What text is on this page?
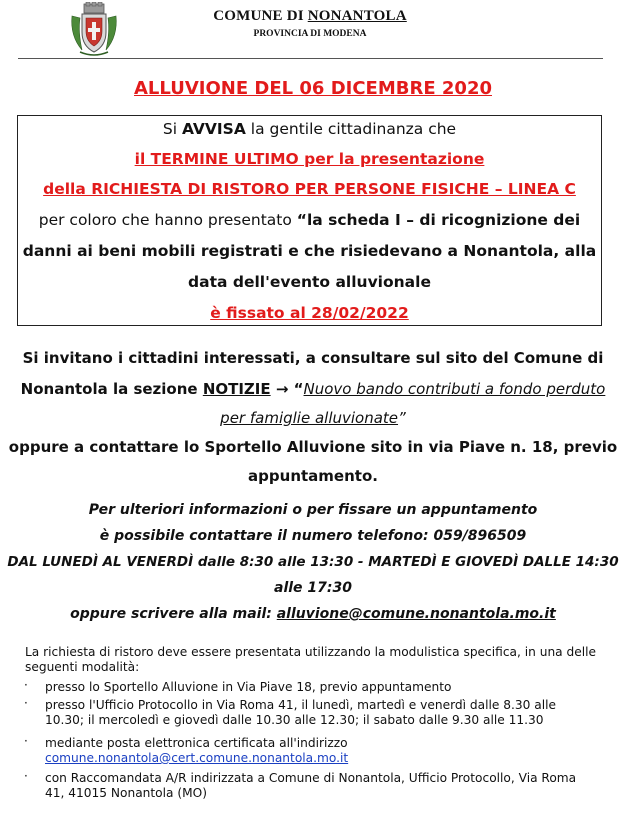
COMUNE DI NONANTOLA
PROVINCIA DI MODENA
ALLUVIONE DEL 06 DICEMBRE 2020
Si AVVISA la gentile cittadinanza che
il TERMINE ULTIMO per la presentazione
della RICHIESTA DI RISTORO PER PERSONE FISICHE – LINEA C
per coloro che hanno presentato “la scheda I – di ricognizione dei
danni ai beni mobili registrati e che risiedevano a Nonantola, alla
data dell'evento alluvionale
è fissato al 28/02/2022
Si invitano i cittadini interessati, a consultare sul sito del Comune di
Nonantola la sezione NOTIZIE → “Nuovo bando contributi a fondo perduto
per famiglie alluvionate”
oppure a contattare lo Sportello Alluvione sito in via Piave n. 18, previo
appuntamento.
Per ulteriori informazioni o per fissare un appuntamento
è possibile contattare il numero telefono: 059/896509
DAL LUNEDÌ AL VENERDÌ dalle 8:30 alle 13:30 - MARTEDÌ E GIOVEDÌ DALLE 14:30
alle 17:30
oppure scrivere alla mail: alluvione@comune.nonantola.mo.it
La richiesta di ristoro deve essere presentata utilizzando la modulistica specifica, in una delle
seguenti modalità:
· presso lo Sportello Alluvione in Via Piave 18, previo appuntamento
· presso l'Ufficio Protocollo in Via Roma 41, il lunedì, martedì e venerdì dalle 8.30 alle
10.30; il mercoledì e giovedì dalle 10.30 alle 12.30; il sabato dalle 9.30 alle 11.30
· mediante posta elettronica certificata all'indirizzo
comune.nonantola@cert.comune.nonantola.mo.it
· con Raccomandata A/R indirizzata a Comune di Nonantola, Ufficio Protocollo, Via Roma
41, 41015 Nonantola (MO)
